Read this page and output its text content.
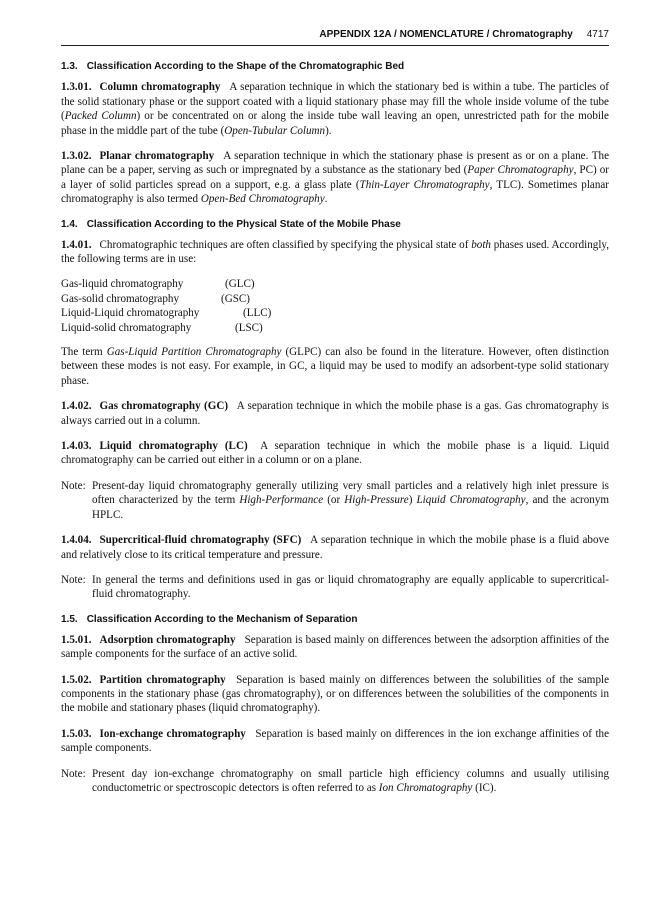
APPENDIX 12A / NOMENCLATURE / Chromatography 4717
1.3. Classification According to the Shape of the Chromatographic Bed

1.3.01. Column chromatography A separation technique in which the stationary bed is within a tube. The particles of the solid stationary phase or the support coated with a liquid stationary phase may fill the whole inside volume of the tube (Packed Column) or be concentrated on or along the inside tube wall leaving an open, unrestricted path for the mobile phase in the middle part of the tube (Open-Tubular Column).

1.3.02. Planar chromatography A separation technique in which the stationary phase is present as or on a plane. The plane can be a paper, serving as such or impregnated by a substance as the stationary bed (Paper Chromatography, PC) or a layer of solid particles spread on a support, e.g. a glass plate (Thin-Layer Chromatography, TLC). Sometimes planar chromatography is also termed Open-Bed Chromatography.

1.4. Classification According to the Physical State of the Mobile Phase

1.4.01. Chromatographic techniques are often classified by specifying the physical state of both phases used. Accordingly, the following terms are in use:

Gas-liquid chromatography	(GLC)
Gas-solid chromatography	(GSC)
Liquid-Liquid chromatography	(LLC)
Liquid-solid chromatography	(LSC)

The term Gas-Liquid Partition Chromatography (GLPC) can also be found in the literature. However, often distinction between these modes is not easy. For example, in GC, a liquid may be used to modify an adsorbent-type solid stationary phase.

1.4.02. Gas chromatography (GC) A separation technique in which the mobile phase is a gas. Gas chromatography is always carried out in a column.

1.4.03. Liquid chromatography (LC) A separation technique in which the mobile phase is a liquid. Liquid chromatography can be carried out either in a column or on a plane.

Note: Present-day liquid chromatography generally utilizing very small particles and a relatively high inlet pressure is often characterized by the term High-Performance (or High-Pressure) Liquid Chromatography, and the acronym HPLC.

1.4.04. Supercritical-fluid chromatography (SFC) A separation technique in which the mobile phase is a fluid above and relatively close to its critical temperature and pressure.

Note: In general the terms and definitions used in gas or liquid chromatography are equally applicable to supercritical-fluid chromatography.

1.5. Classification According to the Mechanism of Separation

1.5.01. Adsorption chromatography Separation is based mainly on differences between the adsorption affinities of the sample components for the surface of an active solid.

1.5.02. Partition chromatography Separation is based mainly on differences between the solubilities of the sample components in the stationary phase (gas chromatography), or on differences between the solubilities of the components in the mobile and stationary phases (liquid chromatography).

1.5.03. Ion-exchange chromatography Separation is based mainly on differences in the ion exchange affinities of the sample components.

Note: Present day ion-exchange chromatography on small particle high efficiency columns and usually utilising conductometric or spectroscopic detectors is often referred to as Ion Chromatography (IC).
